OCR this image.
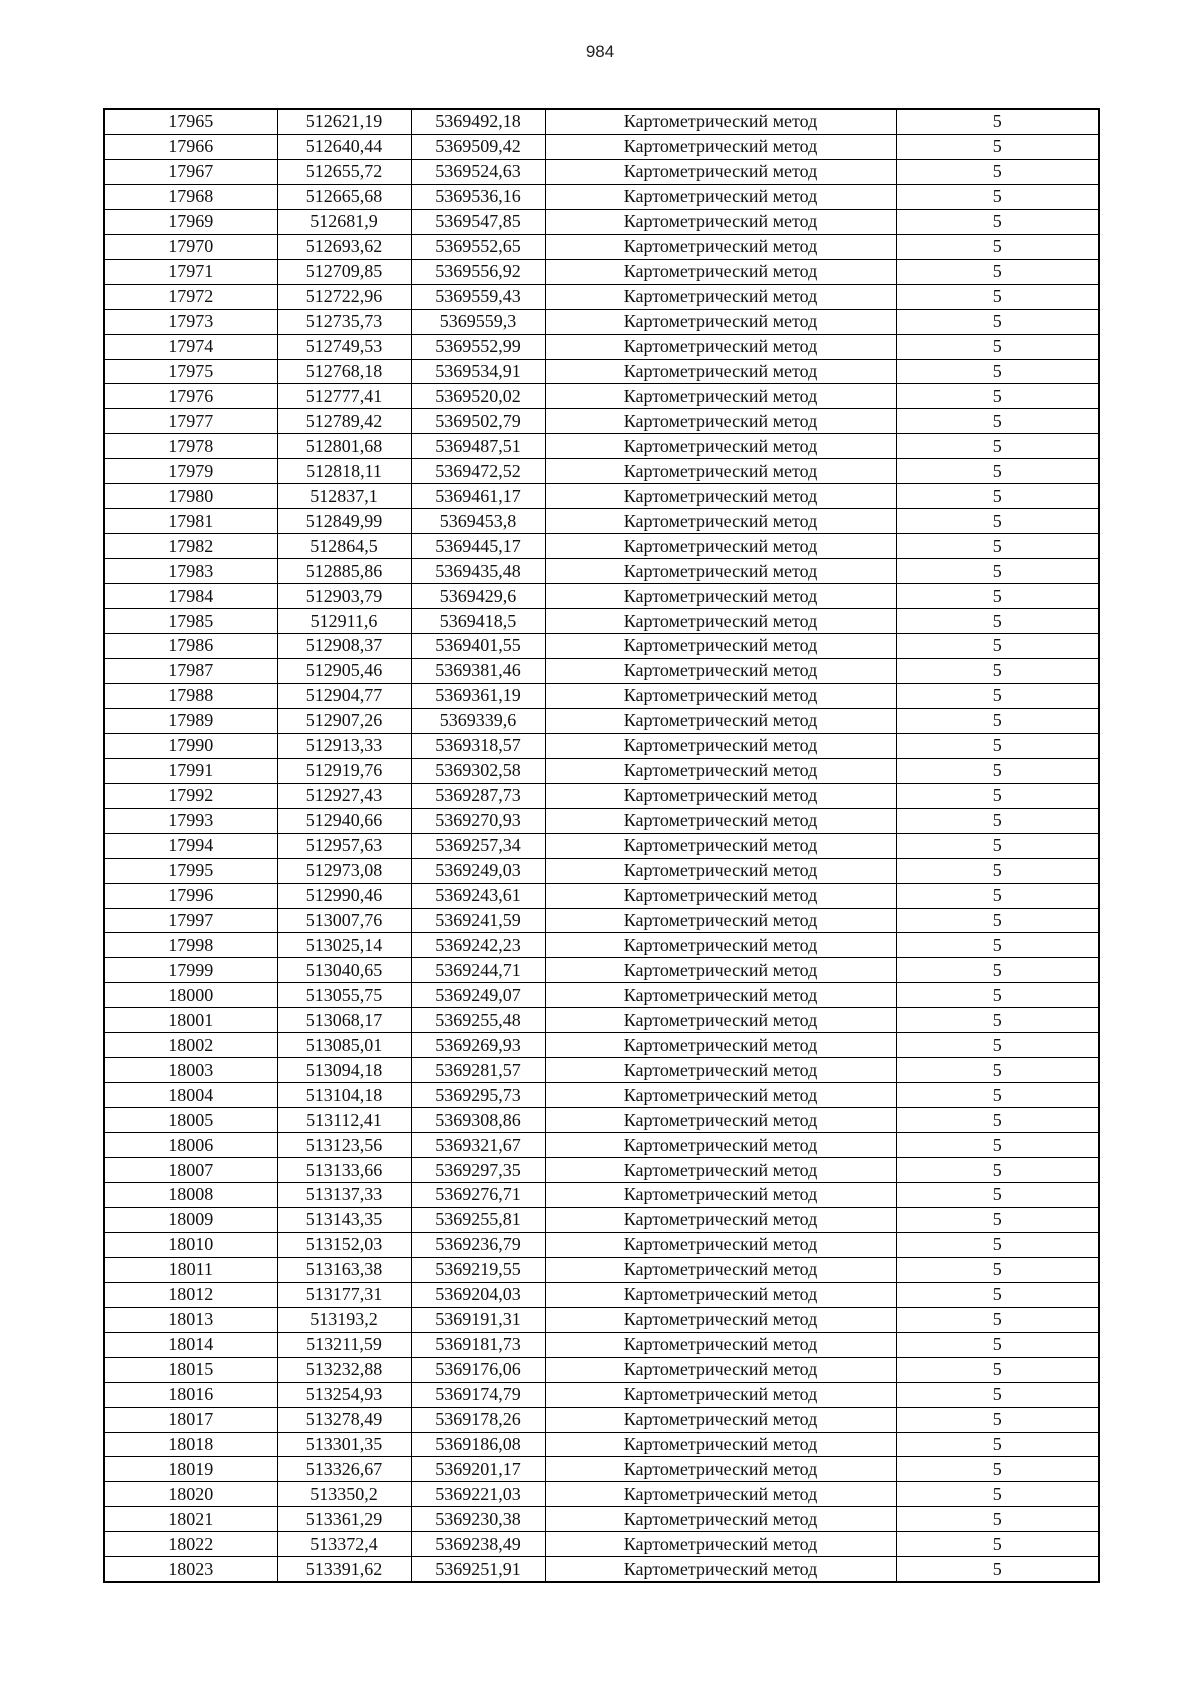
984
17965	512621,19	5369492,18	Картометрический метод	5
17966	512640,44	5369509,42	Картометрический метод	5
17967	512655,72	5369524,63	Картометрический метод	5
17968	512665,68	5369536,16	Картометрический метод	5
17969	512681,9	5369547,85	Картометрический метод	5
17970	512693,62	5369552,65	Картометрический метод	5
17971	512709,85	5369556,92	Картометрический метод	5
17972	512722,96	5369559,43	Картометрический метод	5
17973	512735,73	5369559,3	Картометрический метод	5
17974	512749,53	5369552,99	Картометрический метод	5
17975	512768,18	5369534,91	Картометрический метод	5
17976	512777,41	5369520,02	Картометрический метод	5
17977	512789,42	5369502,79	Картометрический метод	5
17978	512801,68	5369487,51	Картометрический метод	5
17979	512818,11	5369472,52	Картометрический метод	5
17980	512837,1	5369461,17	Картометрический метод	5
17981	512849,99	5369453,8	Картометрический метод	5
17982	512864,5	5369445,17	Картометрический метод	5
17983	512885,86	5369435,48	Картометрический метод	5
17984	512903,79	5369429,6	Картометрический метод	5
17985	512911,6	5369418,5	Картометрический метод	5
17986	512908,37	5369401,55	Картометрический метод	5
17987	512905,46	5369381,46	Картометрический метод	5
17988	512904,77	5369361,19	Картометрический метод	5
17989	512907,26	5369339,6	Картометрический метод	5
17990	512913,33	5369318,57	Картометрический метод	5
17991	512919,76	5369302,58	Картометрический метод	5
17992	512927,43	5369287,73	Картометрический метод	5
17993	512940,66	5369270,93	Картометрический метод	5
17994	512957,63	5369257,34	Картометрический метод	5
17995	512973,08	5369249,03	Картометрический метод	5
17996	512990,46	5369243,61	Картометрический метод	5
17997	513007,76	5369241,59	Картометрический метод	5
17998	513025,14	5369242,23	Картометрический метод	5
17999	513040,65	5369244,71	Картометрический метод	5
18000	513055,75	5369249,07	Картометрический метод	5
18001	513068,17	5369255,48	Картометрический метод	5
18002	513085,01	5369269,93	Картометрический метод	5
18003	513094,18	5369281,57	Картометрический метод	5
18004	513104,18	5369295,73	Картометрический метод	5
18005	513112,41	5369308,86	Картометрический метод	5
18006	513123,56	5369321,67	Картометрический метод	5
18007	513133,66	5369297,35	Картометрический метод	5
18008	513137,33	5369276,71	Картометрический метод	5
18009	513143,35	5369255,81	Картометрический метод	5
18010	513152,03	5369236,79	Картометрический метод	5
18011	513163,38	5369219,55	Картометрический метод	5
18012	513177,31	5369204,03	Картометрический метод	5
18013	513193,2	5369191,31	Картометрический метод	5
18014	513211,59	5369181,73	Картометрический метод	5
18015	513232,88	5369176,06	Картометрический метод	5
18016	513254,93	5369174,79	Картометрический метод	5
18017	513278,49	5369178,26	Картометрический метод	5
18018	513301,35	5369186,08	Картометрический метод	5
18019	513326,67	5369201,17	Картометрический метод	5
18020	513350,2	5369221,03	Картометрический метод	5
18021	513361,29	5369230,38	Картометрический метод	5
18022	513372,4	5369238,49	Картометрический метод	5
18023	513391,62	5369251,91	Картометрический метод	5
